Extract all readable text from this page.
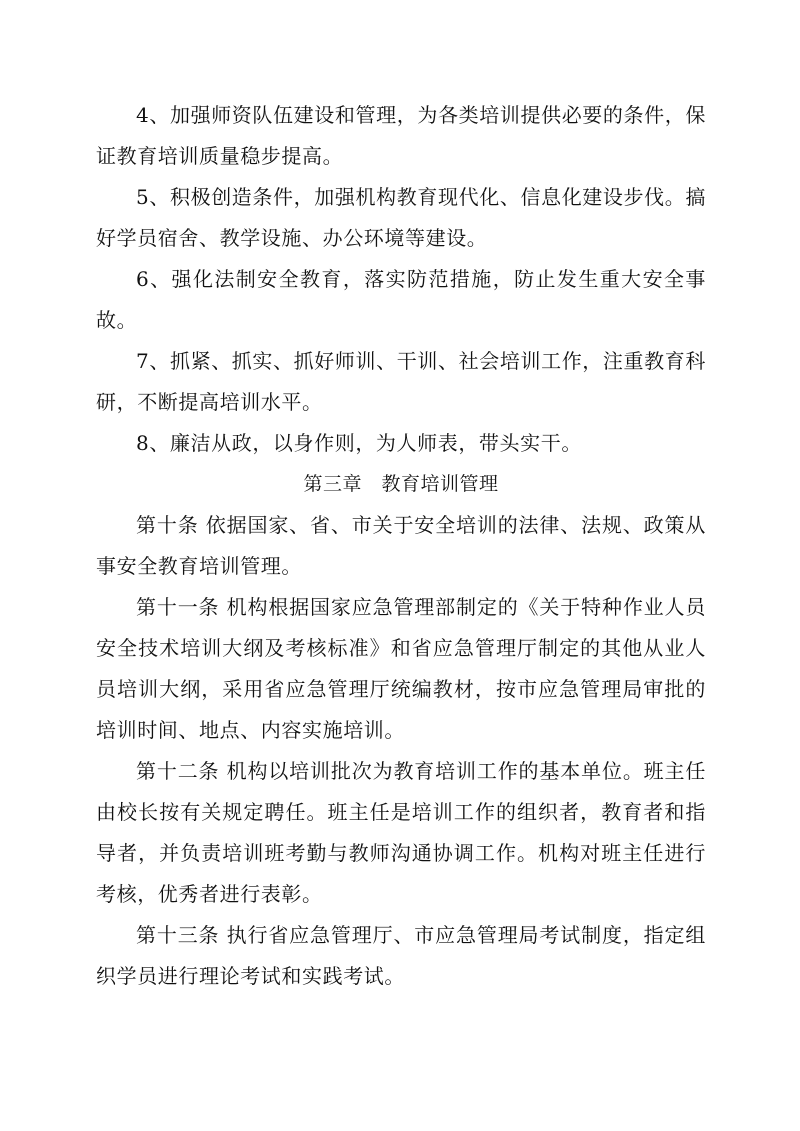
4、加强师资队伍建设和管理，为各类培训提供必要的条件，保证教育培训质量稳步提高。

5、积极创造条件，加强机构教育现代化、信息化建设步伐。搞好学员宿舍、教学设施、办公环境等建设。

6、强化法制安全教育，落实防范措施，防止发生重大安全事故。

7、抓紧、抓实、抓好师训、干训、社会培训工作，注重教育科研，不断提高培训水平。

8、廉洁从政，以身作则，为人师表，带头实干。

第三章　教育培训管理

第十条 依据国家、省、市关于安全培训的法律、法规、政策从事安全教育培训管理。

第十一条 机构根据国家应急管理部制定的《关于特种作业人员安全技术培训大纲及考核标准》和省应急管理厅制定的其他从业人员培训大纲，采用省应急管理厅统编教材，按市应急管理局审批的培训时间、地点、内容实施培训。

第十二条 机构以培训批次为教育培训工作的基本单位。班主任由校长按有关规定聘任。班主任是培训工作的组织者，教育者和指导者，并负责培训班考勤与教师沟通协调工作。机构对班主任进行考核，优秀者进行表彰。

第十三条 执行省应急管理厅、市应急管理局考试制度，指定组织学员进行理论考试和实践考试。
